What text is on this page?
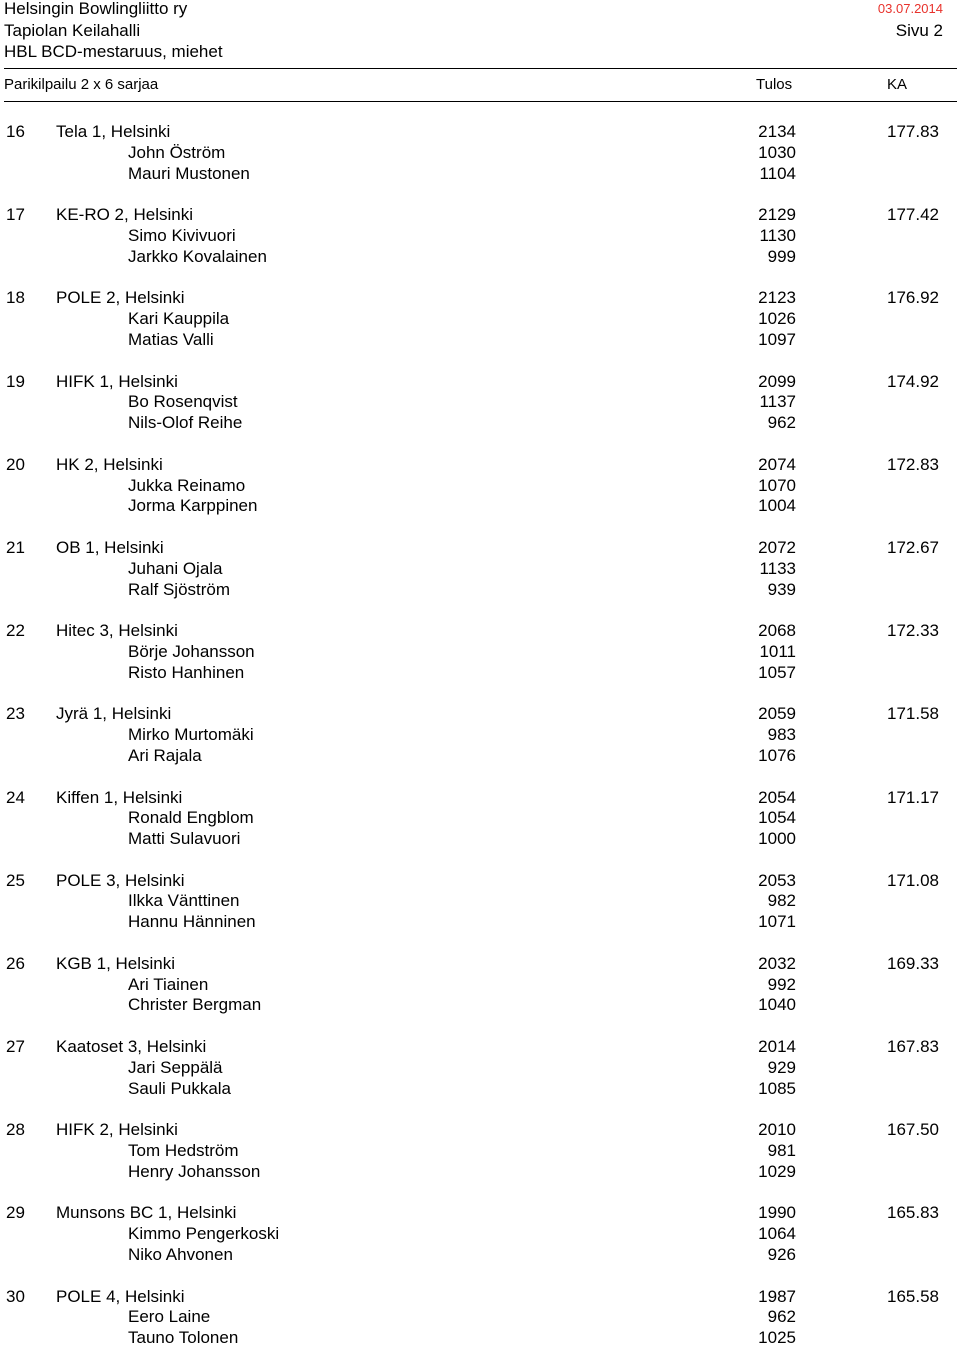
Helsingin Bowlingliitto ry	03.07.2014
Tapiolan Keilahalli	Sivu 2
HBL BCD-mestaruus, miehet
Parikilpailu 2 x 6 sarjaa	Tulos	KA
16 Tela 1, Helsinki	2134	177.83
John Öström	1030
Mauri Mustonen	1104
17 KE-RO 2, Helsinki	2129	177.42
Simo Kivivuori	1130
Jarkko Kovalainen	999
18 POLE 2, Helsinki	2123	176.92
Kari Kauppila	1026
Matias Valli	1097
19 HIFK 1, Helsinki	2099	174.92
Bo Rosenqvist	1137
Nils-Olof Reihe	962
20 HK 2, Helsinki	2074	172.83
Jukka Reinamo	1070
Jorma Karppinen	1004
21 OB 1, Helsinki	2072	172.67
Juhani Ojala	1133
Ralf Sjöström	939
22 Hitec 3, Helsinki	2068	172.33
Börje Johansson	1011
Risto Hanhinen	1057
23 Jyrä 1, Helsinki	2059	171.58
Mirko Murtomäki	983
Ari Rajala	1076
24 Kiffen 1, Helsinki	2054	171.17
Ronald Engblom	1054
Matti Sulavuori	1000
25 POLE 3, Helsinki	2053	171.08
Ilkka Vänttinen	982
Hannu Hänninen	1071
26 KGB 1, Helsinki	2032	169.33
Ari Tiainen	992
Christer Bergman	1040
27 Kaatoset 3, Helsinki	2014	167.83
Jari Seppälä	929
Sauli Pukkala	1085
28 HIFK 2, Helsinki	2010	167.50
Tom Hedström	981
Henry Johansson	1029
29 Munsons BC 1, Helsinki	1990	165.83
Kimmo Pengerkoski	1064
Niko Ahvonen	926
30 POLE 4, Helsinki	1987	165.58
Eero Laine	962
Tauno Tolonen	1025
